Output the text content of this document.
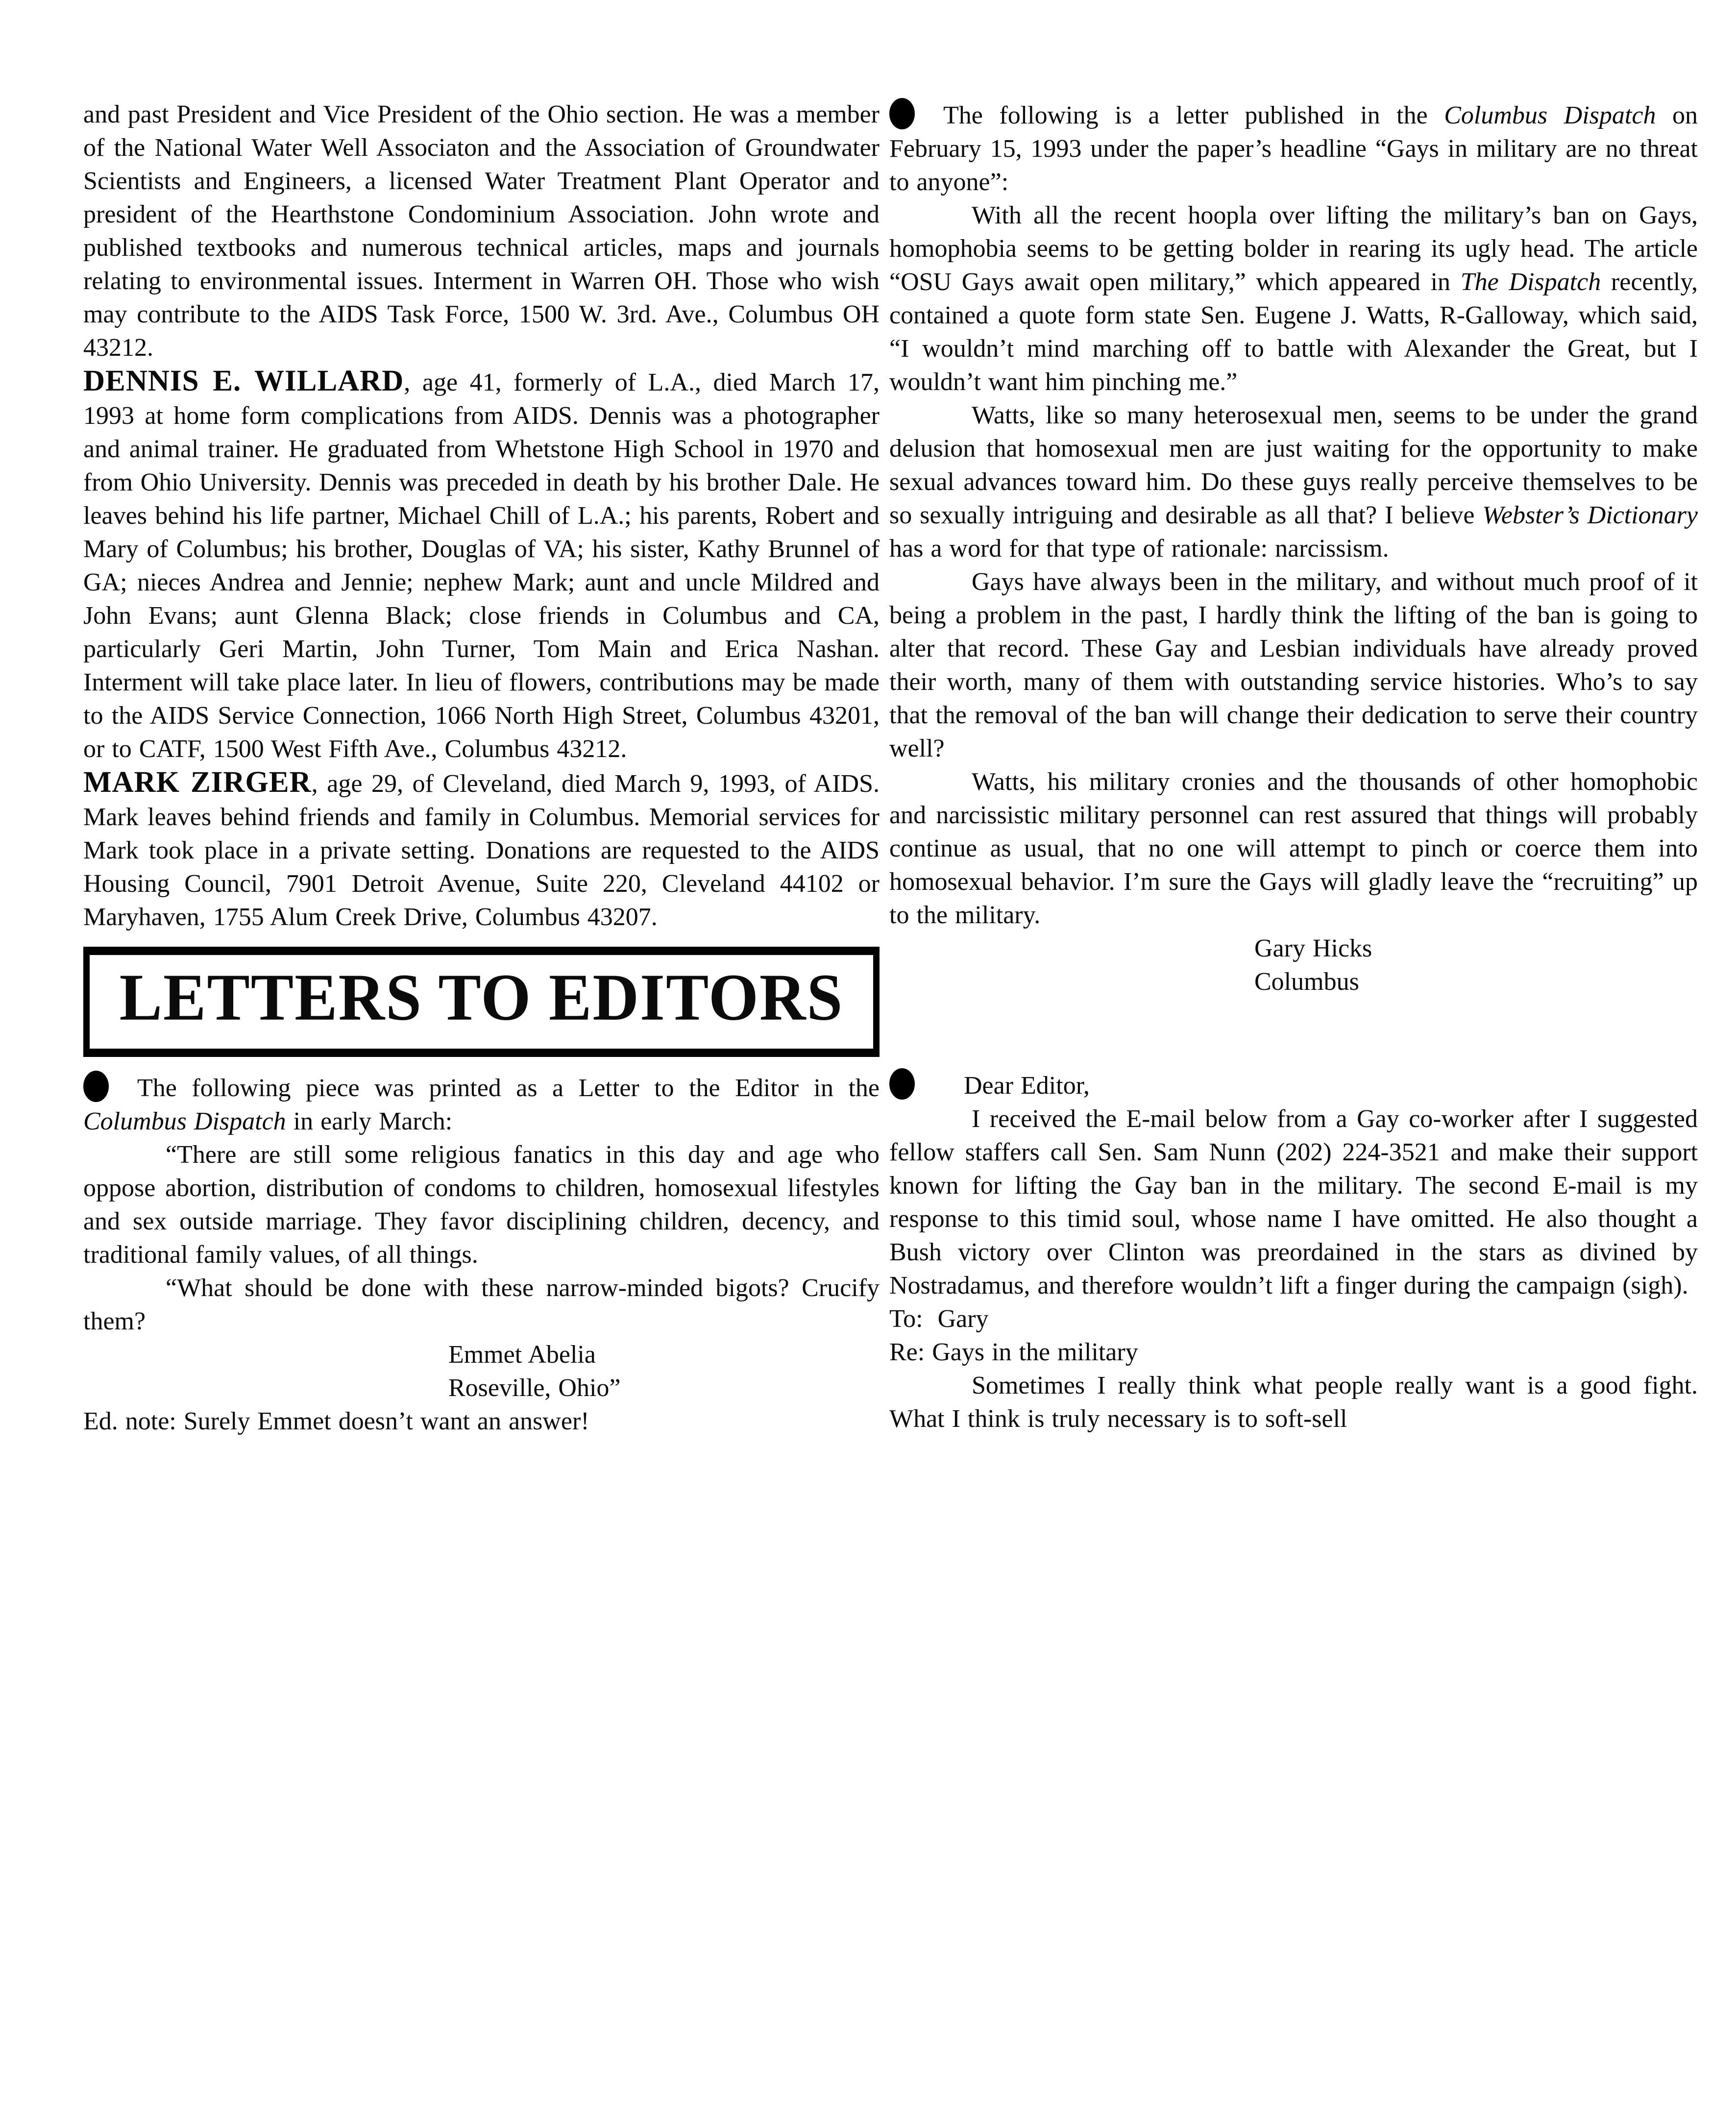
and past President and Vice President of the Ohio section. He was a member of the National Water Well Associaton and the Association of Groundwater Scientists and Engineers, a licensed Water Treatment Plant Operator and president of the Hearthstone Condominium Association. John wrote and published textbooks and numerous technical articles, maps and journals relating to environmental issues. Interment in Warren OH. Those who wish may contribute to the AIDS Task Force, 1500 W. 3rd. Ave., Columbus OH 43212.

DENNIS E. WILLARD, age 41, formerly of L.A., died March 17, 1993 at home form complications from AIDS. Dennis was a photographer and animal trainer. He graduated from Whetstone High School in 1970 and from Ohio University. Dennis was preceded in death by his brother Dale. He leaves behind his life partner, Michael Chill of L.A.; his parents, Robert and Mary of Columbus; his brother, Douglas of VA; his sister, Kathy Brunnel of GA; nieces Andrea and Jennie; nephew Mark; aunt and uncle Mildred and John Evans; aunt Glenna Black; close friends in Columbus and CA, particularly Geri Martin, John Turner, Tom Main and Erica Nashan. Interment will take place later. In lieu of flowers, contributions may be made to the AIDS Service Connection, 1066 North High Street, Columbus 43201, or to CATF, 1500 West Fifth Ave., Columbus 43212.

MARK ZIRGER, age 29, of Cleveland, died March 9, 1993, of AIDS. Mark leaves behind friends and family in Columbus. Memorial services for Mark took place in a private setting. Donations are requested to the AIDS Housing Council, 7901 Detroit Avenue, Suite 220, Cleveland 44102 or Maryhaven, 1755 Alum Creek Drive, Columbus 43207.

LETTERS TO EDITORS

The following piece was printed as a Letter to the Editor in the Columbus Dispatch in early March:

“There are still some religious fanatics in this day and age who oppose abortion, distribution of condoms to children, homosexual lifestyles and sex outside marriage. They favor disciplining children, decency, and traditional family values, of all things.

“What should be done with these narrow-minded bigots? Crucify them?

Emmet Abelia

Roseville, Ohio”

Ed. note: Surely Emmet doesn’t want an answer!

The following is a letter published in the Columbus Dispatch on February 15, 1993 under the paper’s headline “Gays in military are no threat to anyone”:

With all the recent hoopla over lifting the military’s ban on Gays, homophobia seems to be getting bolder in rearing its ugly head. The article “OSU Gays await open military,” which appeared in The Dispatch recently, contained a quote form state Sen. Eugene J. Watts, R-Galloway, which said, “I wouldn’t mind marching off to battle with Alexander the Great, but I wouldn’t want him pinching me.”

Watts, like so many heterosexual men, seems to be under the grand delusion that homosexual men are just waiting for the opportunity to make sexual advances toward him. Do these guys really perceive themselves to be so sexually intriguing and desirable as all that? I believe Webster’s Dictionary has a word for that type of rationale: narcissism.

Gays have always been in the military, and without much proof of it being a problem in the past, I hardly think the lifting of the ban is going to alter that record. These Gay and Lesbian individuals have already proved their worth, many of them with outstanding service histories. Who’s to say that the removal of the ban will change their dedication to serve their country well?

Watts, his military cronies and the thousands of other homophobic and narcissistic military personnel can rest assured that things will probably continue as usual, that no one will attempt to pinch or coerce them into homosexual behavior. I’m sure the Gays will gladly leave the “recruiting” up to the military.

Gary Hicks

Columbus

Dear Editor,

I received the E-mail below from a Gay co-worker after I suggested fellow staffers call Sen. Sam Nunn (202) 224-3521 and make their support known for lifting the Gay ban in the military. The second E-mail is my response to this timid soul, whose name I have omitted. He also thought a Bush victory over Clinton was preordained in the stars as divined by Nostradamus, and therefore wouldn’t lift a finger during the campaign (sigh).

To:  Gary

Re: Gays in the military

Sometimes I really think what people really want is a good fight. What I think is truly necessary is to soft-sell
